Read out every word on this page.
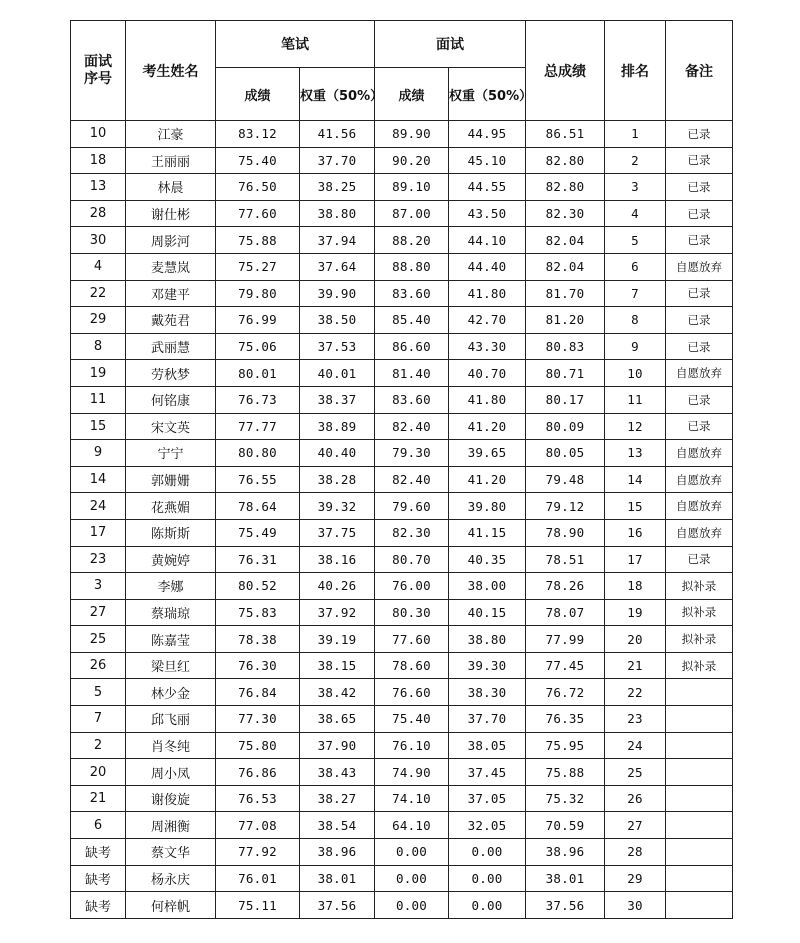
面试序号	考生姓名	笔试		面试		总成绩	排名	备注
		成绩	权重（50%）	成绩	权重（50%）			
10	江豪	83.12	41.56	89.90	44.95	86.51	1	已录
18	王丽丽	75.40	37.70	90.20	45.10	82.80	2	已录
13	林晨	76.50	38.25	89.10	44.55	82.80	3	已录
28	谢仕彬	77.60	38.80	87.00	43.50	82.30	4	已录
30	周影河	75.88	37.94	88.20	44.10	82.04	5	已录
4	麦慧岚	75.27	37.64	88.80	44.40	82.04	6	自愿放弃
22	邓建平	79.80	39.90	83.60	41.80	81.70	7	已录
29	戴苑君	76.99	38.50	85.40	42.70	81.20	8	已录
8	武丽慧	75.06	37.53	86.60	43.30	80.83	9	已录
19	劳秋梦	80.01	40.01	81.40	40.70	80.71	10	自愿放弃
11	何铭康	76.73	38.37	83.60	41.80	80.17	11	已录
15	宋文英	77.77	38.89	82.40	41.20	80.09	12	已录
9	宁宁	80.80	40.40	79.30	39.65	80.05	13	自愿放弃
14	郭姗姗	76.55	38.28	82.40	41.20	79.48	14	自愿放弃
24	花燕媚	78.64	39.32	79.60	39.80	79.12	15	自愿放弃
17	陈斯斯	75.49	37.75	82.30	41.15	78.90	16	自愿放弃
23	黄婉婷	76.31	38.16	80.70	40.35	78.51	17	已录
3	李娜	80.52	40.26	76.00	38.00	78.26	18	拟补录
27	蔡瑞琼	75.83	37.92	80.30	40.15	78.07	19	拟补录
25	陈嘉莹	78.38	39.19	77.60	38.80	77.99	20	拟补录
26	梁旦红	76.30	38.15	78.60	39.30	77.45	21	拟补录
5	林少金	76.84	38.42	76.60	38.30	76.72	22	
7	邱飞丽	77.30	38.65	75.40	37.70	76.35	23	
2	肖冬纯	75.80	37.90	76.10	38.05	75.95	24	
20	周小凤	76.86	38.43	74.90	37.45	75.88	25	
21	谢俊旋	76.53	38.27	74.10	37.05	75.32	26	
6	周湘衡	77.08	38.54	64.10	32.05	70.59	27	
缺考	蔡文华	77.92	38.96	0.00	0.00	38.96	28	
缺考	杨永庆	76.01	38.01	0.00	0.00	38.01	29	
缺考	何梓帆	75.11	37.56	0.00	0.00	37.56	30	
